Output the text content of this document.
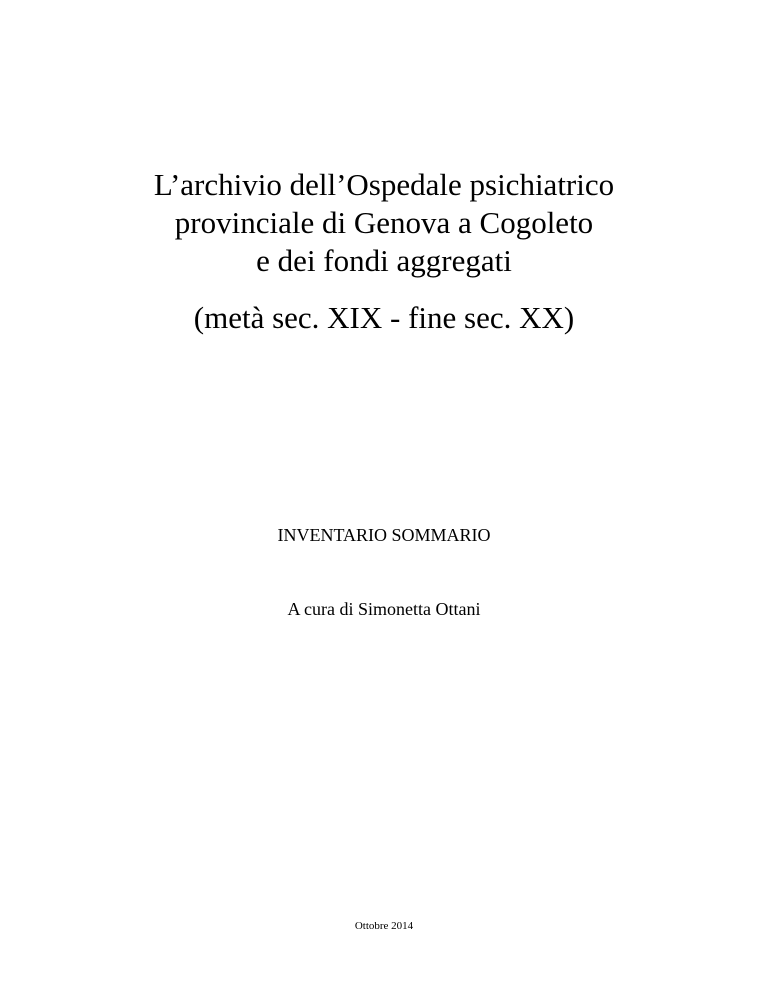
L’archivio dell’Ospedale psichiatrico
provinciale di Genova a Cogoleto
e dei fondi aggregati
(metà sec. XIX - fine sec. XX)
INVENTARIO SOMMARIO
A cura di Simonetta Ottani
Ottobre 2014
